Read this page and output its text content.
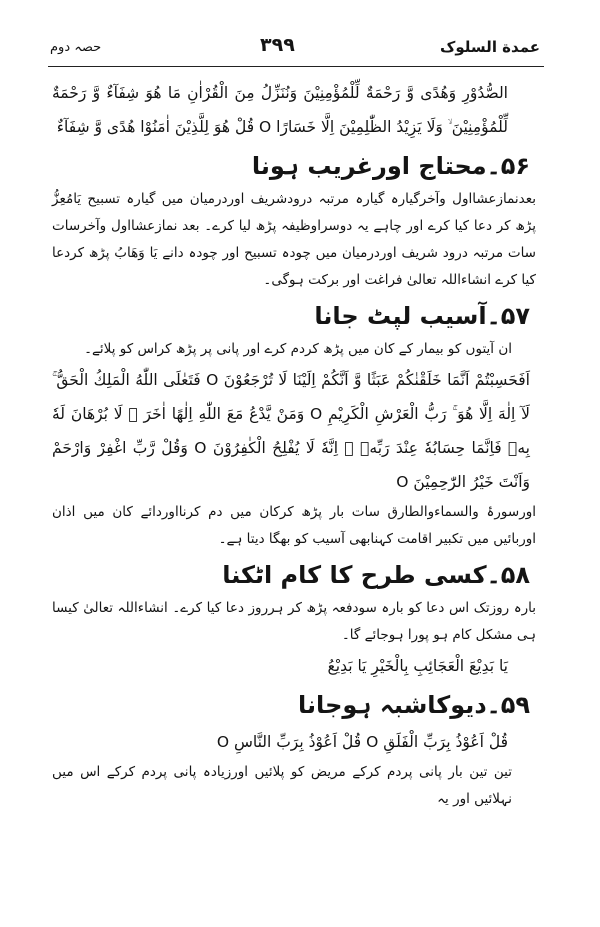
حصہ دوم	۳۹۹	عمدة السلوک

الصُّدُوْرِ وَهُدًى وَّ رَحْمَةٌ لِّلْمُؤْمِنِيْنَ وَنُنَزِّلُ مِنَ الْقُرْاٰنِ مَا هُوَ شِفَآءٌ وَّ رَحْمَةٌ لِّلْمُؤْمِنِيْنَ ۙ وَلَا يَزِيْدُ الظّٰلِمِيْنَ اِلَّا خَسَارًا O قُلْ هُوَ لِلَّذِيْنَ اٰمَنُوْا هُدًى وَّ شِفَآءٌ

۵۶۔محتاج اورغریب ہونا

بعدنمازعشااول وآخرگیارہ گیارہ مرتبہ درودشریف اوردرمیان میں گیارہ تسبیح یَامُعِزُّ پڑھ کر دعا کیا کرے اور چاہے یہ دوسراوظیفہ پڑھ لیا کرے۔ بعد نمازعشااول وآخرسات سات مرتبہ درود شریف اوردرمیان میں چودہ تسبیح اور چودہ دانے یَا وَھَابُ پڑھ کردعا کیا کرے انشاءاللہ تعالیٰ فراغت اور برکت ہوگی۔

۵۷۔آسیب لپٹ جانا

ان آیتوں کو بیمار کے کان میں پڑھ کردم کرے اور پانی پر پڑھ کراس کو پلائے۔

اَفَحَسِبْتُمْ اَنَّمَا خَلَقْنٰكُمْ عَبَثًا وَّ اَنَّكُمْ اِلَيْنَا لَا تُرْجَعُوْنَ O فَتَعٰلَى اللّٰهُ الْمَلِكُ الْحَقُّ ۚ لَآ اِلٰهَ اِلَّا هُوَ ۚ رَبُّ الْعَرْشِ الْكَرِيْمِ O وَمَنْ يَّدْعُ مَعَ اللّٰهِ اِلٰهًا اٰخَرَ ۙ لَا بُرْهَانَ لَهٗ بِهٖ فَاِنَّمَا حِسَابُهٗ عِنْدَ رَبِّهٖ ۚ اِنَّهٗ لَا يُفْلِحُ الْكٰفِرُوْنَ O وَقُلْ رَّبِّ اغْفِرْ وَارْحَمْ وَاَنْتَ خَيْرُ الرّٰحِمِيْنَ O

اورسورۂ والسماءوالطارق سات بار پڑھ کرکان میں دم کرنااوردائے کان میں اذان اوربائیں میں تکبیر اقامت کہنابھی آسیب کو بھگا دیتا ہے۔

۵۸۔کسی طرح کا کام اٹکنا

بارہ روزتک اس دعا کو بارہ سودفعہ پڑھ کر ہرروز دعا کیا کرے۔ انشاءاللہ تعالیٰ کیسا ہی مشکل کام ہو پورا ہوجائے گا۔

يَا بَدِيْعَ الْعَجَائِبِ بِالْخَيْرِ يَا بَدِيْعُ

۵۹۔دیوکاشبہ ہوجانا

قُلْ اَعُوْذُ بِرَبِّ الْفَلَقِ O قُلْ اَعُوْذُ بِرَبِّ النَّاسِ O

تین تین بار پانی پردم کرکے مریض کو پلائیں اورزیادہ پانی پردم کرکے اس میں نہلائیں اور یہ
